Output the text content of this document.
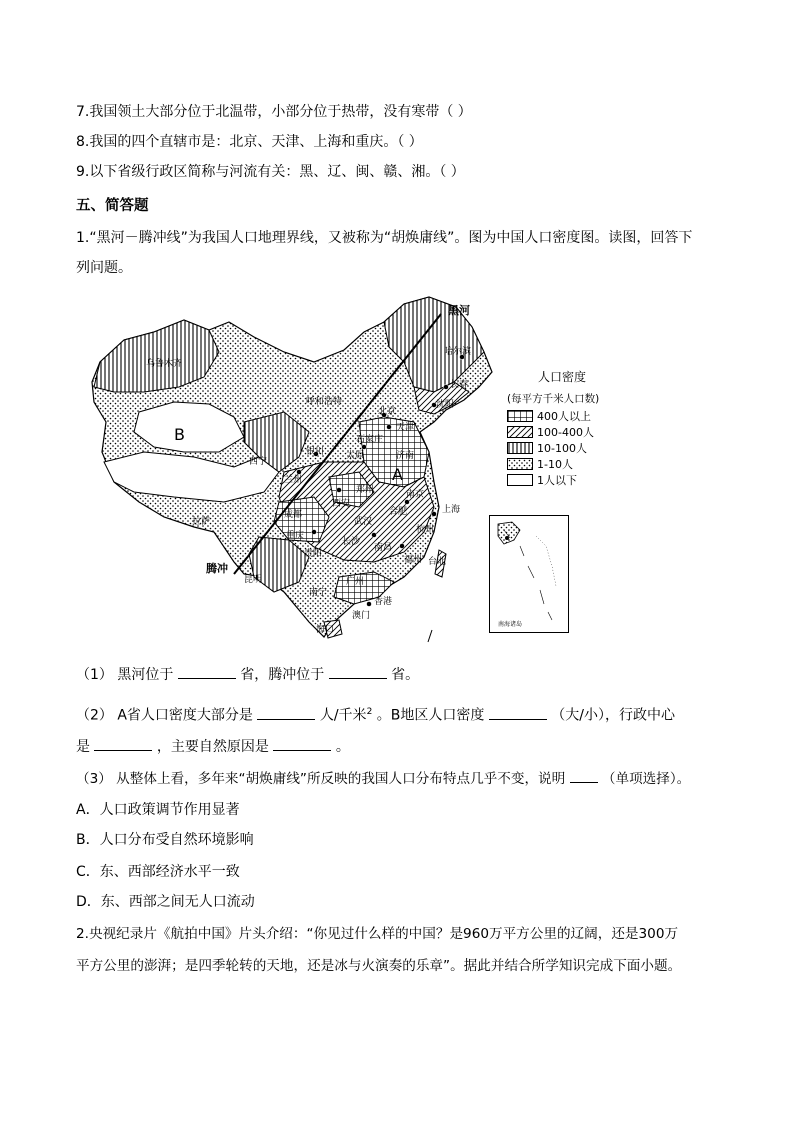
7.我国领土大部分位于北温带，小部分位于热带，没有寒带（ ）
8.我国的四个直辖市是：北京、天津、上海和重庆。（ ）
9.以下省级行政区简称与河流有关：黑、辽、闽、赣、湘。（ ）
五、简答题
1.“黑河－腾冲线”为我国人口地理界线，又被称为“胡焕庸线”。图为中国人口密度图。读图，回答下
列问题。
黑河
腾冲
哈尔滨
长春
沈阳
乌鲁木齐
呼和浩特
北京
天津
石家庄
太原	济南
银川
西宁
兰州
西安
郑州
合肥
南京
上海
杭州
武汉
拉萨
成都
重庆
长沙
南昌
福州 台北
贵阳
昆明
南宁
广州
香港
澳门
海口
A
B
人口密度
(每平方千米人口数)
400人以上
100-400人
10-100人
1-10人
1人以下
南海诸岛
（1） 黑河位于	省，腾冲位于	省。
（2） A省人口密度大部分是	人/千米$^2$ 。B地区人口密度	（大/小），行政中心
是	，主要自然原因是	。
（3） 从整体上看，多年来“胡焕庸线”所反映的我国人口分布特点几乎不变，说明	（单项选择）。
A．人口政策调节作用显著
B．人口分布受自然环境影响
C．东、西部经济水平一致
D．东、西部之间无人口流动
2.央视纪录片《航拍中国》片头介绍：“你见过什么样的中国？是960万平方公里的辽阔，还是300万
平方公里的澎湃；是四季轮转的天地，还是冰与火演奏的乐章”。据此并结合所学知识完成下面小题。
